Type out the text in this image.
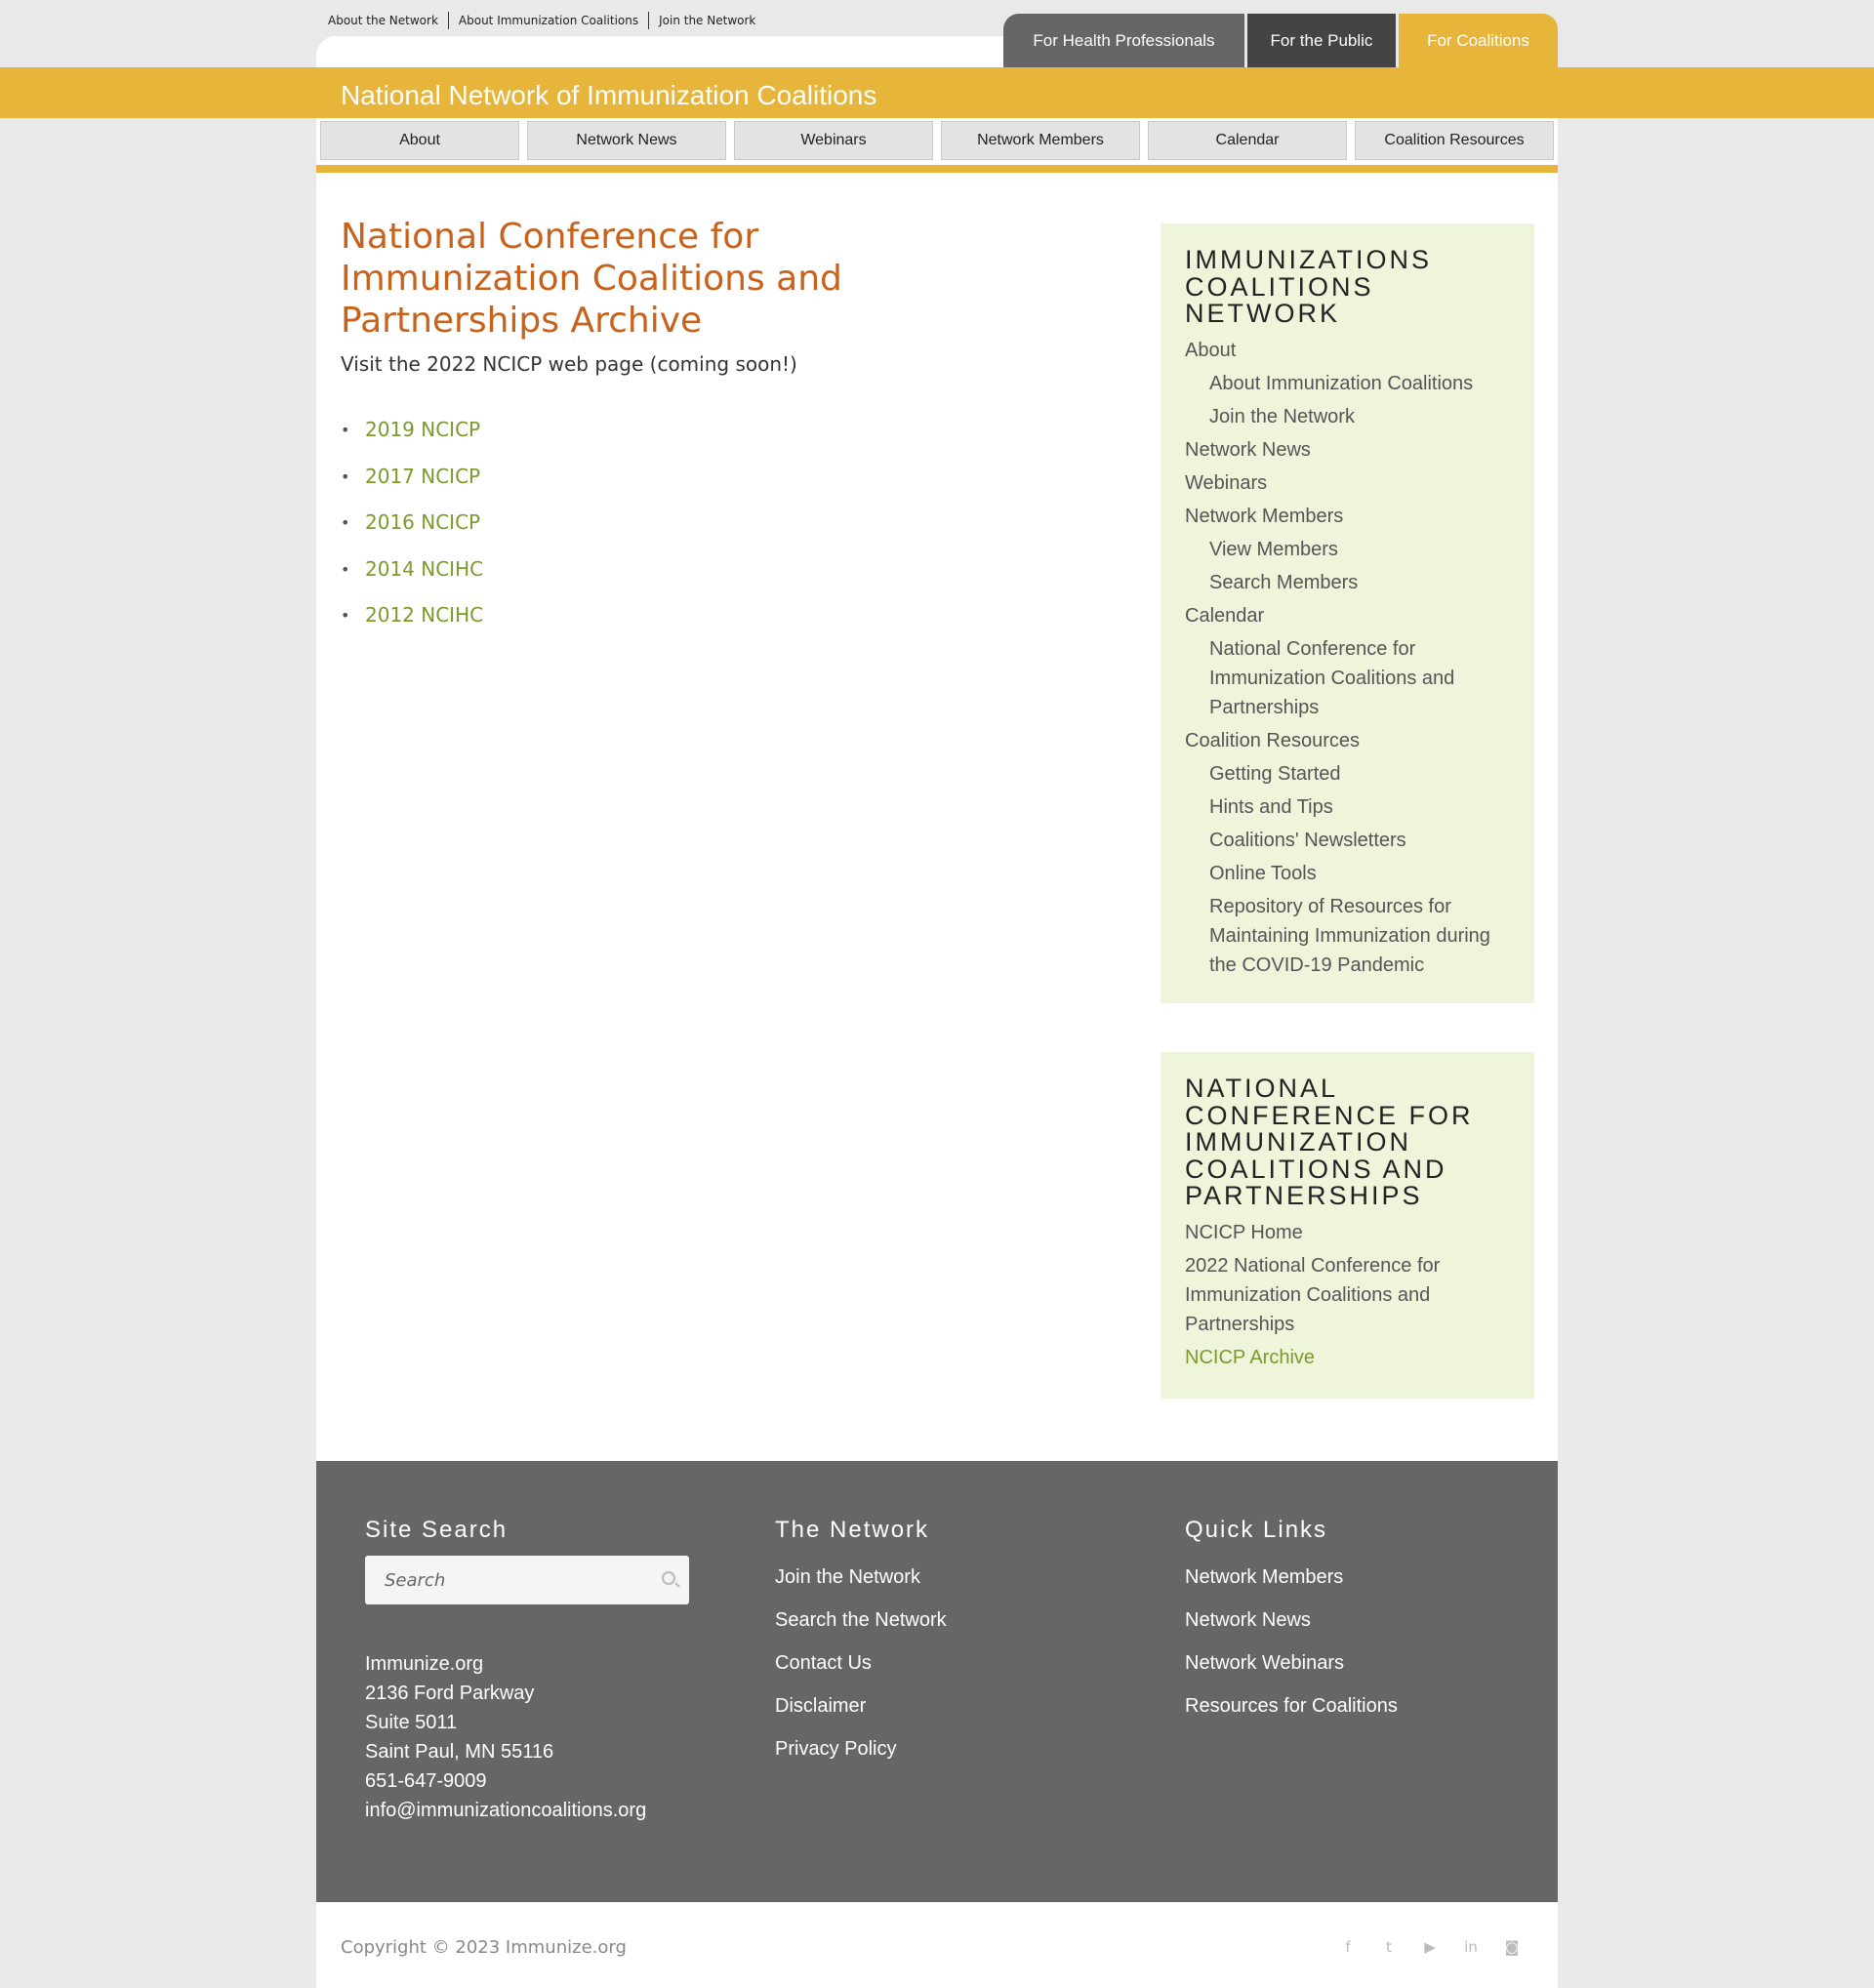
About the Network	About Immunization Coalitions	Join the Network
For Health Professionals	For the Public	For Coalitions
National Network of Immunization Coalitions
About	Network News	Webinars	Network Members	Calendar	Coalition Resources
National Conference for Immunization Coalitions and Partnerships Archive

Visit the 2022 NCICP web page (coming soon!)

• 2019 NCICP
• 2017 NCICP
• 2016 NCICP
• 2014 NCIHC
• 2012 NCIHC
IMMUNIZATIONS COALITIONS NETWORK
About
About Immunization Coalitions
Join the Network
Network News
Webinars
Network Members
View Members
Search Members
Calendar
National Conference for Immunization Coalitions and Partnerships
Coalition Resources
Getting Started
Hints and Tips
Coalitions' Newsletters
Online Tools
Repository of Resources for Maintaining Immunization during the COVID-19 Pandemic
NATIONAL CONFERENCE FOR IMMUNIZATION COALITIONS AND PARTNERSHIPS
NCICP Home
2022 National Conference for Immunization Coalitions and Partnerships
NCICP Archive
Site Search
Search
Immunize.org
2136 Ford Parkway
Suite 5011
Saint Paul, MN 55116
651-647-9009
info@immunizationcoalitions.org
The Network
Join the Network
Search the Network
Contact Us
Disclaimer
Privacy Policy
Quick Links
Network Members
Network News
Network Webinars
Resources for Coalitions
Copyright © 2023 Immunize.org	f	t	▶ in ◙
